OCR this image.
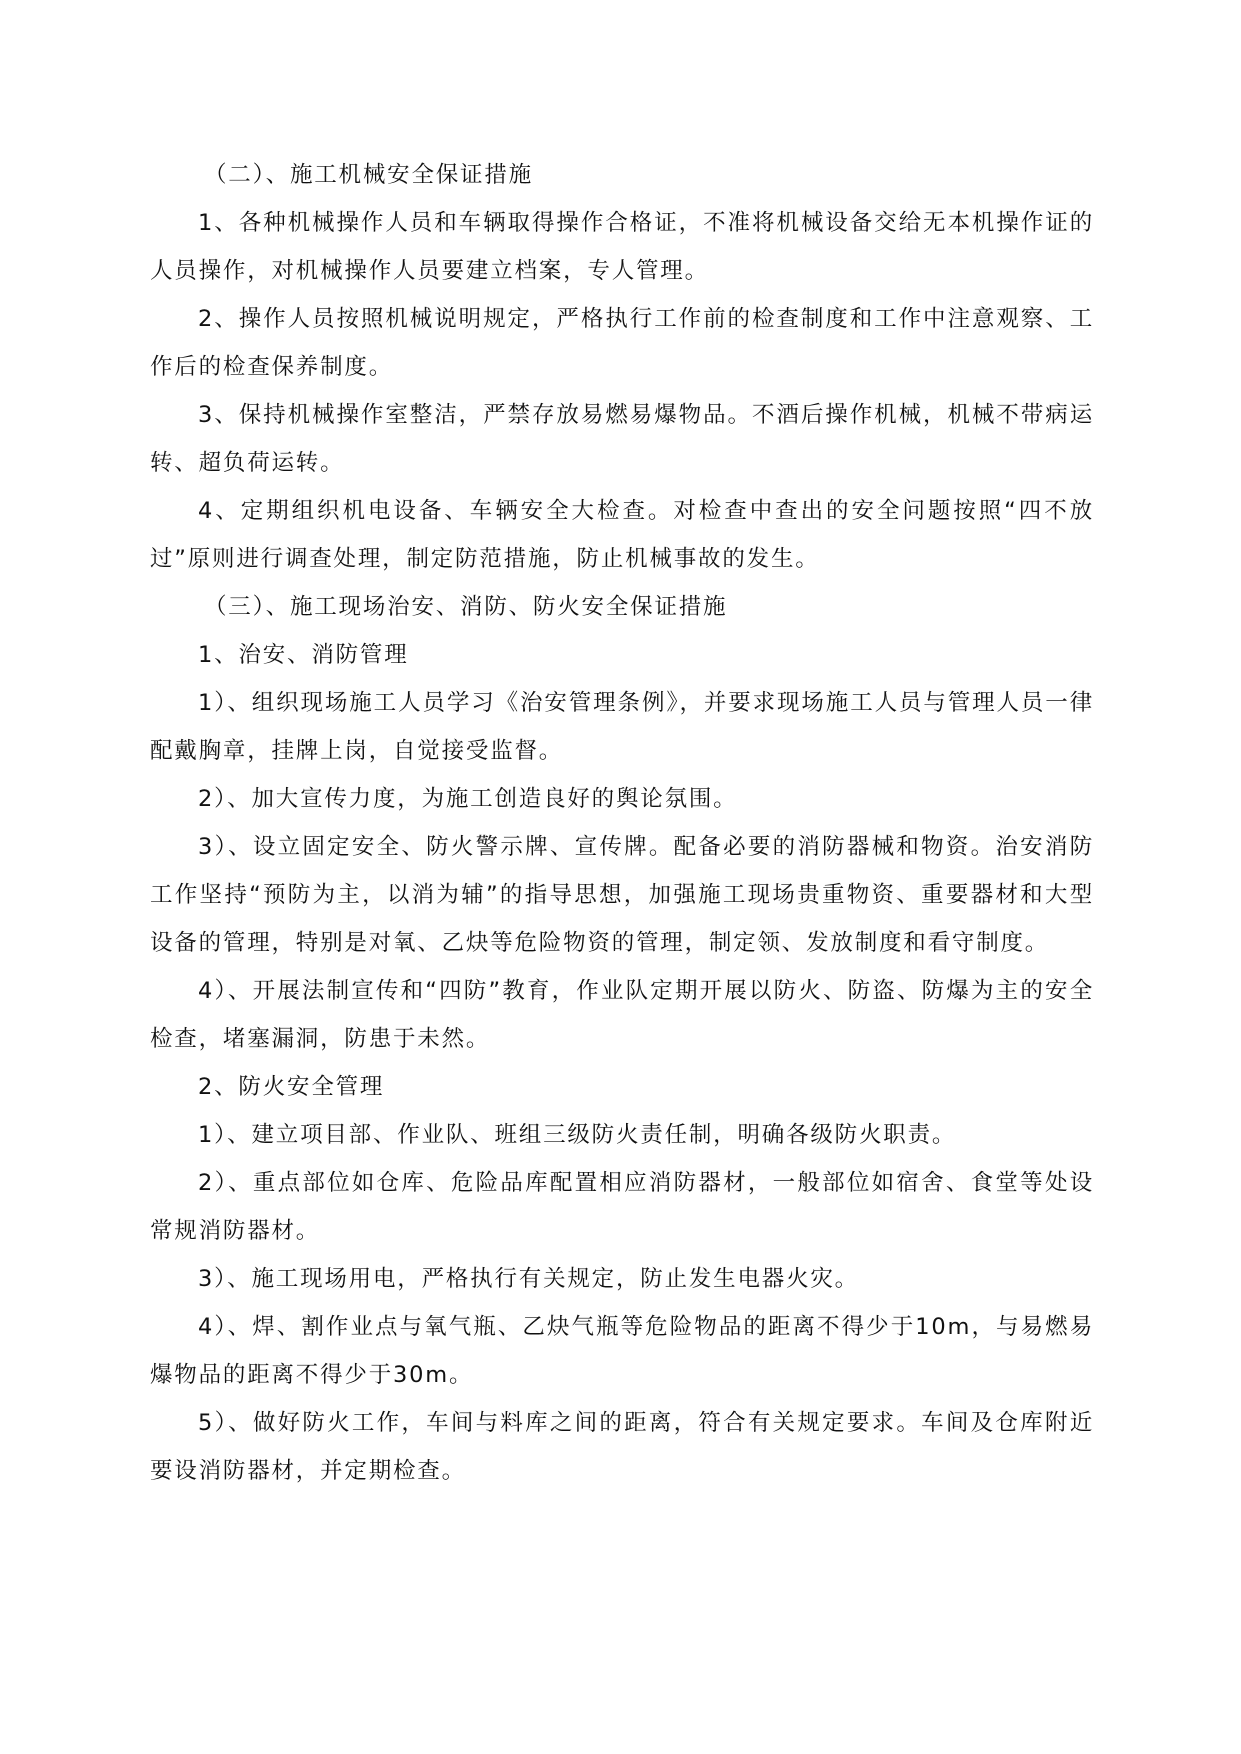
（二）、施工机械安全保证措施

1、各种机械操作人员和车辆取得操作合格证，不准将机械设备交给无本机操作证的人员操作，对机械操作人员要建立档案，专人管理。

2、操作人员按照机械说明规定，严格执行工作前的检查制度和工作中注意观察、工作后的检查保养制度。

3、保持机械操作室整洁，严禁存放易燃易爆物品。不酒后操作机械，机械不带病运转、超负荷运转。

4、定期组织机电设备、车辆安全大检查。对检查中查出的安全问题按照“四不放过”原则进行调查处理，制定防范措施，防止机械事故的发生。

（三）、施工现场治安、消防、防火安全保证措施

1、治安、消防管理

1）、组织现场施工人员学习《治安管理条例》，并要求现场施工人员与管理人员一律配戴胸章，挂牌上岗，自觉接受监督。

2）、加大宣传力度，为施工创造良好的舆论氛围。

3）、设立固定安全、防火警示牌、宣传牌。配备必要的消防器械和物资。治安消防工作坚持“预防为主，以消为辅”的指导思想，加强施工现场贵重物资、重要器材和大型设备的管理，特别是对氧、乙炔等危险物资的管理，制定领、发放制度和看守制度。

4）、开展法制宣传和“四防”教育，作业队定期开展以防火、防盗、防爆为主的安全检查，堵塞漏洞，防患于未然。

2、防火安全管理

1）、建立项目部、作业队、班组三级防火责任制，明确各级防火职责。

2）、重点部位如仓库、危险品库配置相应消防器材，一般部位如宿舍、食堂等处设常规消防器材。

3）、施工现场用电，严格执行有关规定，防止发生电器火灾。

4）、焊、割作业点与氧气瓶、乙炔气瓶等危险物品的距离不得少于10m，与易燃易爆物品的距离不得少于30m。

5）、做好防火工作，车间与料库之间的距离，符合有关规定要求。车间及仓库附近要设消防器材，并定期检查。
